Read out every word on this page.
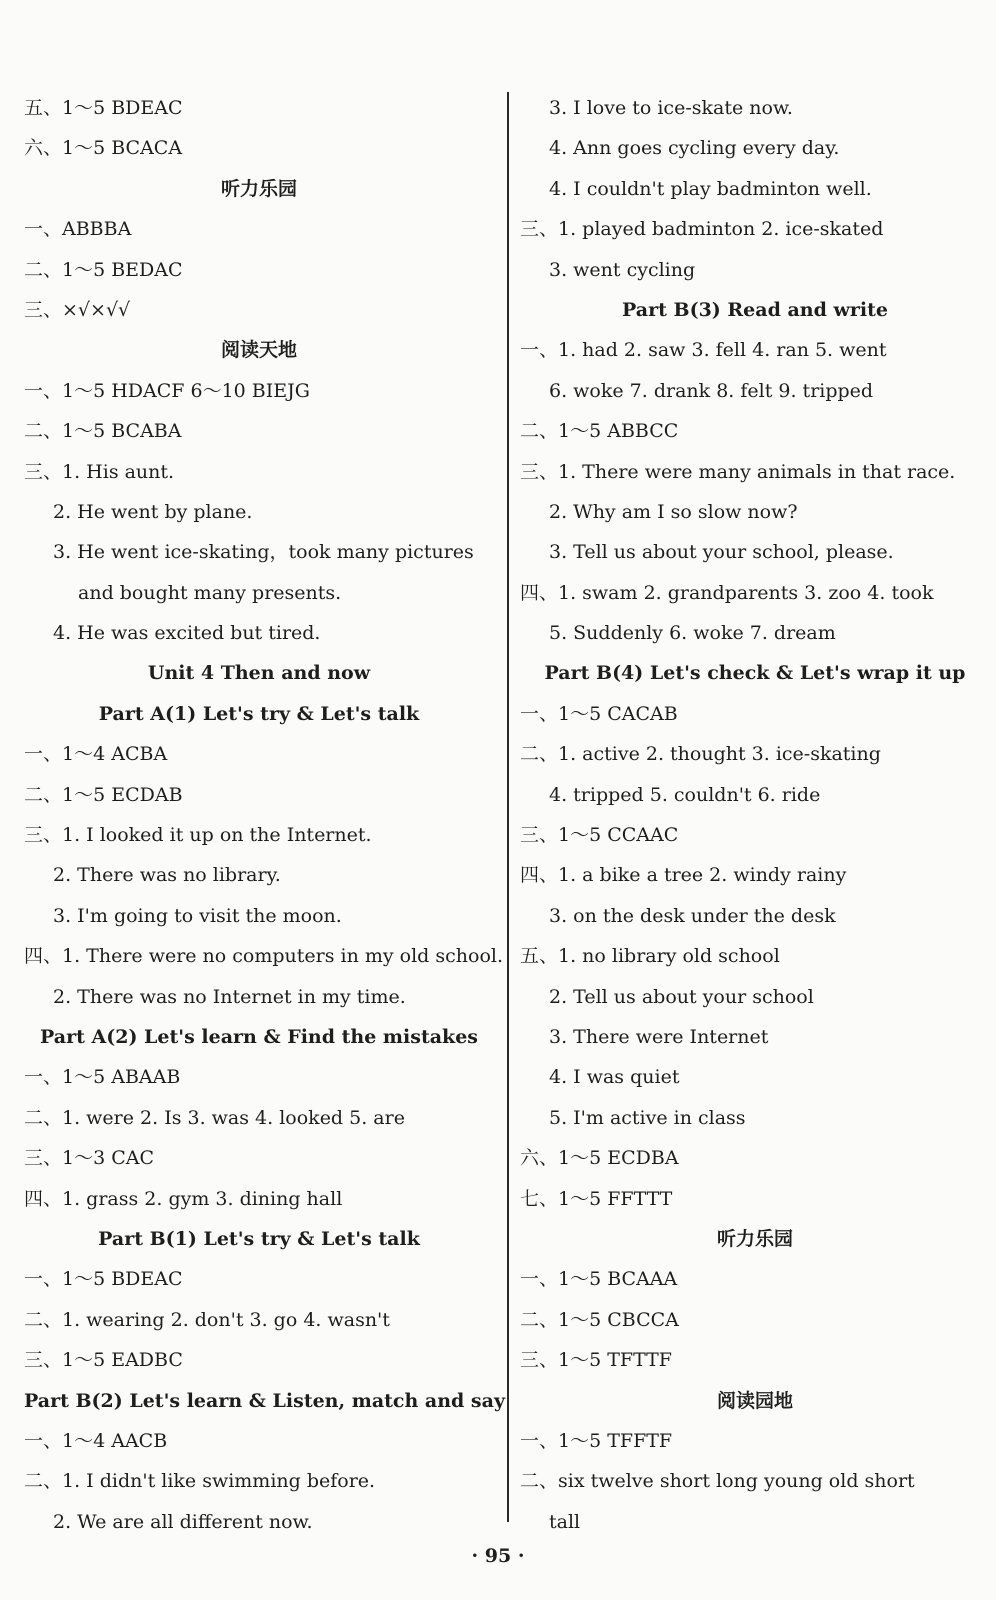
五、1～5 BDEAC
六、1～5 BCACA
听力乐园
一、ABBBA
二、1～5 BEDAC
三、×√×√√
阅读天地
一、1～5 HDACF 6～10 BIEJG
二、1～5 BCABA
三、1. His aunt.
2. He went by plane.
3. He went ice-skating，took many pictures
and bought many presents.
4. He was excited but tired.
Unit 4 Then and now
Part A(1) Let's try & Let's talk
一、1～4 ACBA
二、1～5 ECDAB
三、1. I looked it up on the Internet.
2. There was no library.
3. I'm going to visit the moon.
四、1. There were no computers in my old school.
2. There was no Internet in my time.
Part A(2) Let's learn & Find the mistakes
一、1～5 ABAAB
二、1. were 2. Is 3. was 4. looked 5. are
三、1～3 CAC
四、1. grass 2. gym 3. dining hall
Part B(1) Let's try & Let's talk
一、1～5 BDEAC
二、1. wearing 2. don't 3. go 4. wasn't
三、1～5 EADBC
Part B(2) Let's learn & Listen, match and say
一、1～4 AACB
二、1. I didn't like swimming before.
2. We are all different now.
3. I love to ice-skate now.
4. Ann goes cycling every day.
4. I couldn't play badminton well.
三、1. played badminton 2. ice-skated
3. went cycling
Part B(3) Read and write
一、1. had 2. saw 3. fell 4. ran 5. went
6. woke 7. drank 8. felt 9. tripped
二、1～5 ABBCC
三、1. There were many animals in that race.
2. Why am I so slow now?
3. Tell us about your school, please.
四、1. swam 2. grandparents 3. zoo 4. took
5. Suddenly 6. woke 7. dream
Part B(4) Let's check & Let's wrap it up
一、1～5 CACAB
二、1. active 2. thought 3. ice-skating
4. tripped 5. couldn't 6. ride
三、1～5 CCAAC
四、1. a bike a tree 2. windy rainy
3. on the desk under the desk
五、1. no library old school
2. Tell us about your school
3. There were Internet
4. I was quiet
5. I'm active in class
六、1～5 ECDBA
七、1～5 FFTTT
听力乐园
一、1～5 BCAAA
二、1～5 CBCCA
三、1～5 TFTTF
阅读园地
一、1～5 TFFTF
二、six twelve short long young old short
tall
· 95 ·
